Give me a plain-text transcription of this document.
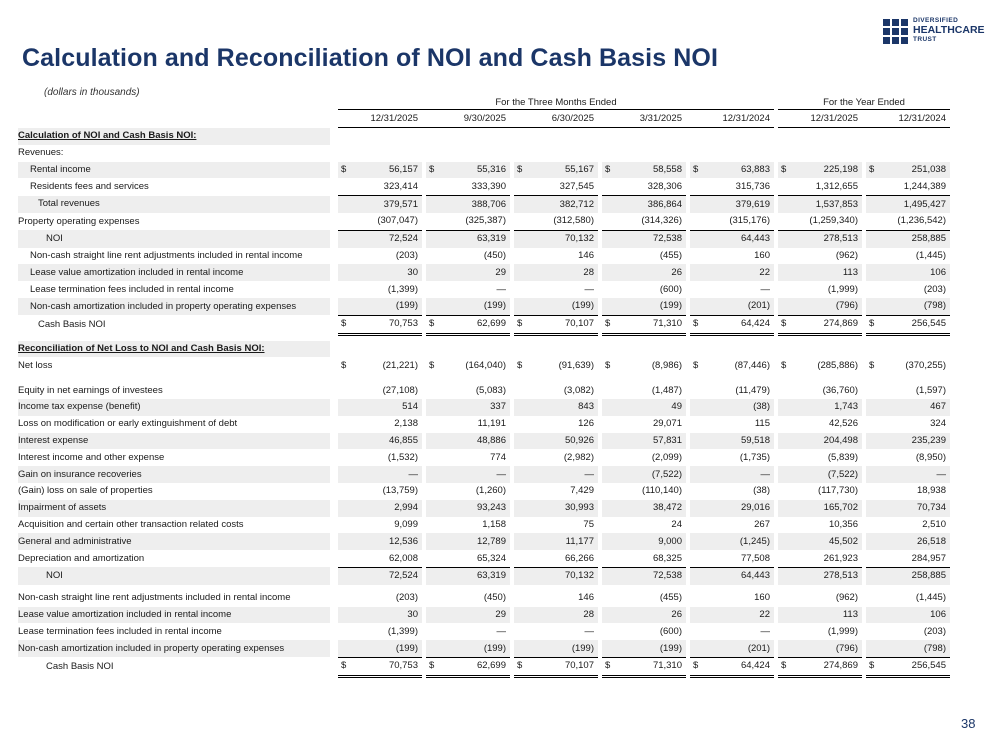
Calculation and Reconciliation of NOI and Cash Basis NOI
(dollars in thousands)
DIVERSIFIED
HEALTHCARE
TRUST
		For the Three Months Ended															For the Year Ended				
		12/31/2025			9/30/2025			6/30/2025			3/31/2025			12/31/2024			12/31/2025			12/31/2024	
Calculation of NOI and Cash Basis NOI:																					
Revenues:																					
Rental income		$	56,157		$	55,316		$	55,167		$	58,558		$	63,883		$	225,198		$	251,038
Residents fees and services			323,414			333,390			327,545			328,306			315,736			1,312,655			1,244,389
Total revenues			379,571			388,706			382,712			386,864			379,619			1,537,853			1,495,427
Property operating expenses			(307,047)			(325,387)			(312,580)			(314,326)			(315,176)			(1,259,340)			(1,236,542)
NOI			72,524			63,319			70,132			72,538			64,443			278,513			258,885
Non-cash straight line rent adjustments included in rental income			(203)			(450)			146			(455)			160			(962)			(1,445)
Lease value amortization included in rental income			30			29			28			26			22			113			106
Lease termination fees included in rental income			(1,399)			—			—			(600)			—			(1,999)			(203)
Non-cash amortization included in property operating expenses			(199)			(199)			(199)			(199)			(201)			(796)			(798)
Cash Basis NOI		$	70,753		$	62,699		$	70,107		$	71,310		$	64,424		$	274,869		$	256,545

Reconciliation of Net Loss to NOI and Cash Basis NOI:																					
Net loss		$	(21,221)		$	(164,040)		$	(91,639)		$	(8,986)		$	(87,446)		$	(285,886)		$	(370,255)

Equity in net earnings of investees			(27,108)			(5,083)			(3,082)			(1,487)			(11,479)			(36,760)			(1,597)
Income tax expense (benefit)			514			337			843			49			(38)			1,743			467
Loss on modification or early extinguishment of debt			2,138			11,191			126			29,071			115			42,526			324
Interest expense			46,855			48,886			50,926			57,831			59,518			204,498			235,239
Interest income and other expense			(1,532)			774			(2,982)			(2,099)			(1,735)			(5,839)			(8,950)
Gain on insurance recoveries			—			—			—			(7,522)			—			(7,522)			—
(Gain) loss on sale of properties			(13,759)			(1,260)			7,429			(110,140)			(38)			(117,730)			18,938
Impairment of assets			2,994			93,243			30,993			38,472			29,016			165,702			70,734
Acquisition and certain other transaction related costs			9,099			1,158			75			24			267			10,356			2,510
General and administrative			12,536			12,789			11,177			9,000			(1,245)			45,502			26,518
Depreciation and amortization			62,008			65,324			66,266			68,325			77,508			261,923			284,957
NOI			72,524			63,319			70,132			72,538			64,443			278,513			258,885

Non-cash straight line rent adjustments included in rental income			(203)			(450)			146			(455)			160			(962)			(1,445)
Lease value amortization included in rental income			30			29			28			26			22			113			106
Lease termination fees included in rental income			(1,399)			—			—			(600)			—			(1,999)			(203)
Non-cash amortization included in property operating expenses			(199)			(199)			(199)			(199)			(201)			(796)			(798)
Cash Basis NOI		$	70,753		$	62,699		$	70,107		$	71,310		$	64,424		$	274,869		$	256,545
38
